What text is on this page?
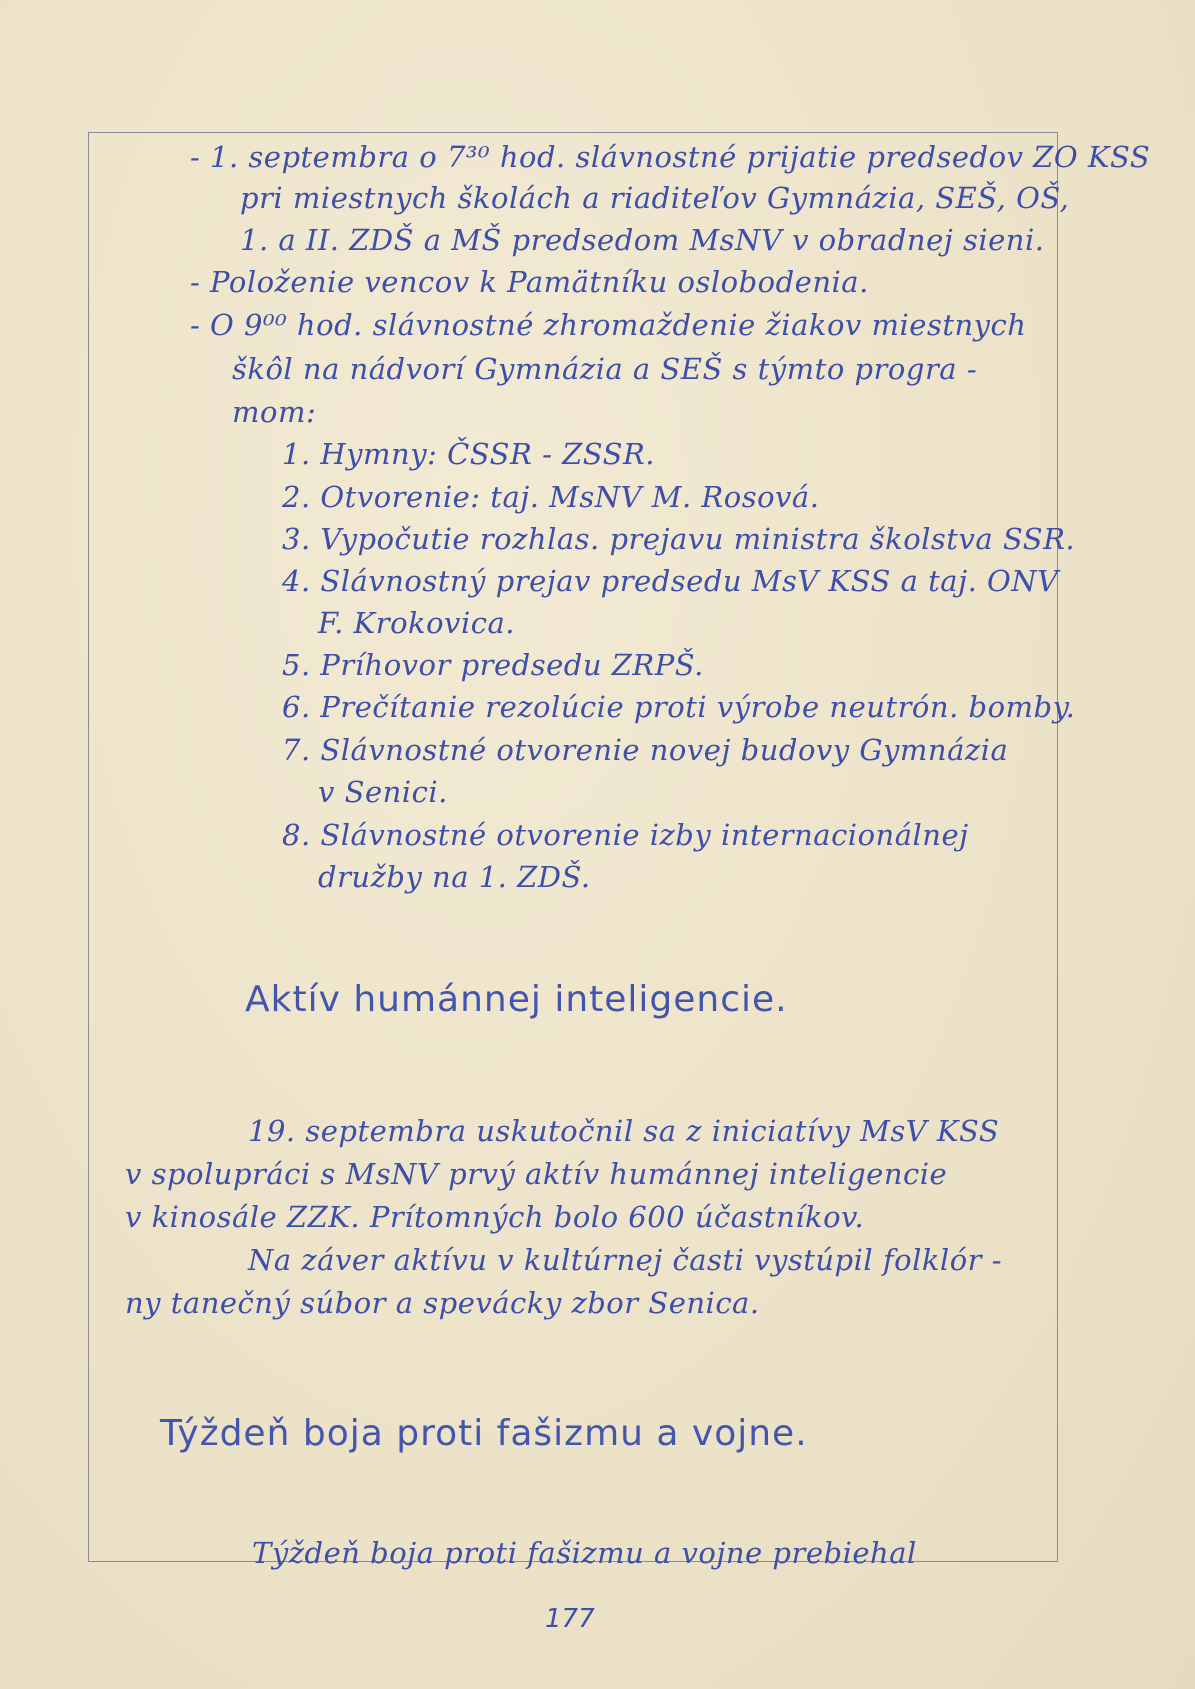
- 1. septembra o 7³⁰ hod. slávnostné prijatie predsedov ZO KSS
pri miestnych školách a riaditeľov Gymnázia, SEŠ, OŠ,
1. a II. ZDŠ a MŠ predsedom MsNV v obradnej sieni.
- Položenie vencov k Pamätníku oslobodenia.
- O 9⁰⁰ hod. slávnostné zhromaždenie žiakov miestnych
škôl na nádvorí Gymnázia a SEŠ s týmto progra -
mom:
1. Hymny: ČSSR - ZSSR.
2. Otvorenie: taj. MsNV M. Rosová.
3. Vypočutie rozhlas. prejavu ministra školstva SSR.
4. Slávnostný prejav predsedu MsV KSS a taj. ONV
F. Krokovica.
5. Príhovor predsedu ZRPŠ.
6. Prečítanie rezolúcie proti výrobe neutrón. bomby.
7. Slávnostné otvorenie novej budovy Gymnázia
v Senici.
8. Slávnostné otvorenie izby internacionálnej
družby na 1. ZDŠ.
Aktív humánnej inteligencie.
19. septembra uskutočnil sa z iniciatívy MsV KSS
v spolupráci s MsNV prvý aktív humánnej inteligencie
v kinosále ZZK. Prítomných bolo 600 účastníkov.
Na záver aktívu v kultúrnej časti vystúpil folklór -
ny tanečný súbor a spevácky zbor Senica.
Týždeň boja proti fašizmu a vojne.
Týždeň boja proti fašizmu a vojne prebiehal
177
